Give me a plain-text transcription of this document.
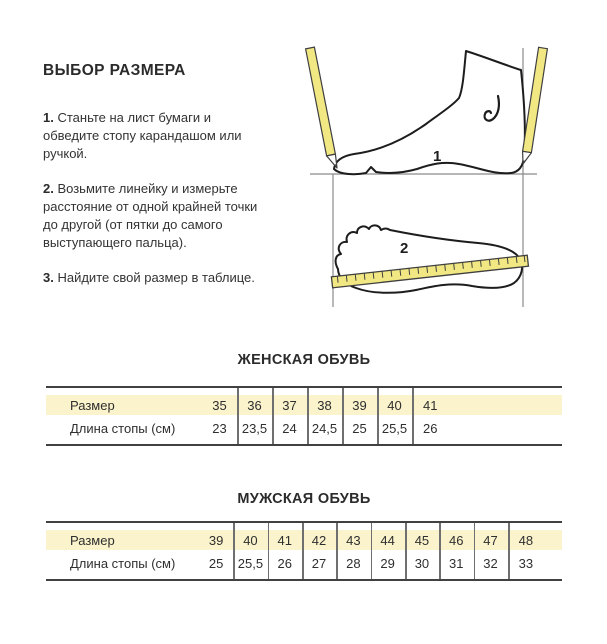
ВЫБОР РАЗМЕРА

1. Станьте на лист бумаги и обведите стопу карандашом или ручкой.

2. Возьмите линейку и измерьте расстояние от одной крайней точки до другой (от пятки до самого выступающего пальца).

3. Найдите свой размер в таблице.

1
2
ЖЕНСКАЯ ОБУВЬ
Размер	35	36	37	38	39	40	41
Длина стопы (см)	23	23,5	24	24,5	25	25,5	26
МУЖСКАЯ ОБУВЬ
Размер	39	40	41	42	43	44	45	46	47	48
Длина стопы (см)	25	25,5	26	27	28	29	30	31	32	33
